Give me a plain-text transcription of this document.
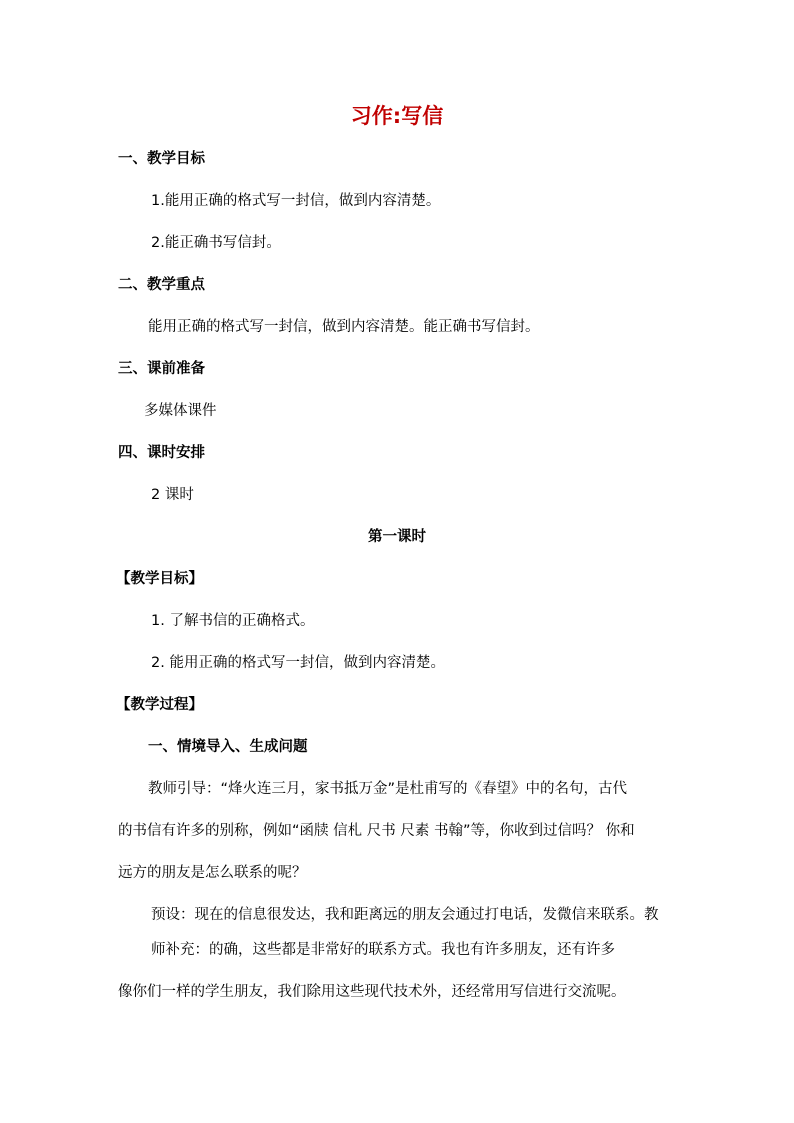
习作:写信
一、教学目标
1.能用正确的格式写一封信，做到内容清楚。
2.能正确书写信封。
二、教学重点
能用正确的格式写一封信，做到内容清楚。能正确书写信封。
三、课前准备
多媒体课件
四、课时安排
2 课时
第一课时
【教学目标】
1. 了解书信的正确格式。
2. 能用正确的格式写一封信，做到内容清楚。
【教学过程】
一、情境导入、生成问题
教师引导：“烽火连三月，家书抵万金”是杜甫写的《春望》中的名句，古代
的书信有许多的别称，例如“函牍 信札 尺书 尺素 书翰”等，你收到过信吗？ 你和
远方的朋友是怎么联系的呢？
预设：现在的信息很发达，我和距离远的朋友会通过打电话，发微信来联系。教
师补充：的确，这些都是非常好的联系方式。我也有许多朋友，还有许多
像你们一样的学生朋友，我们除用这些现代技术外，还经常用写信进行交流呢。
